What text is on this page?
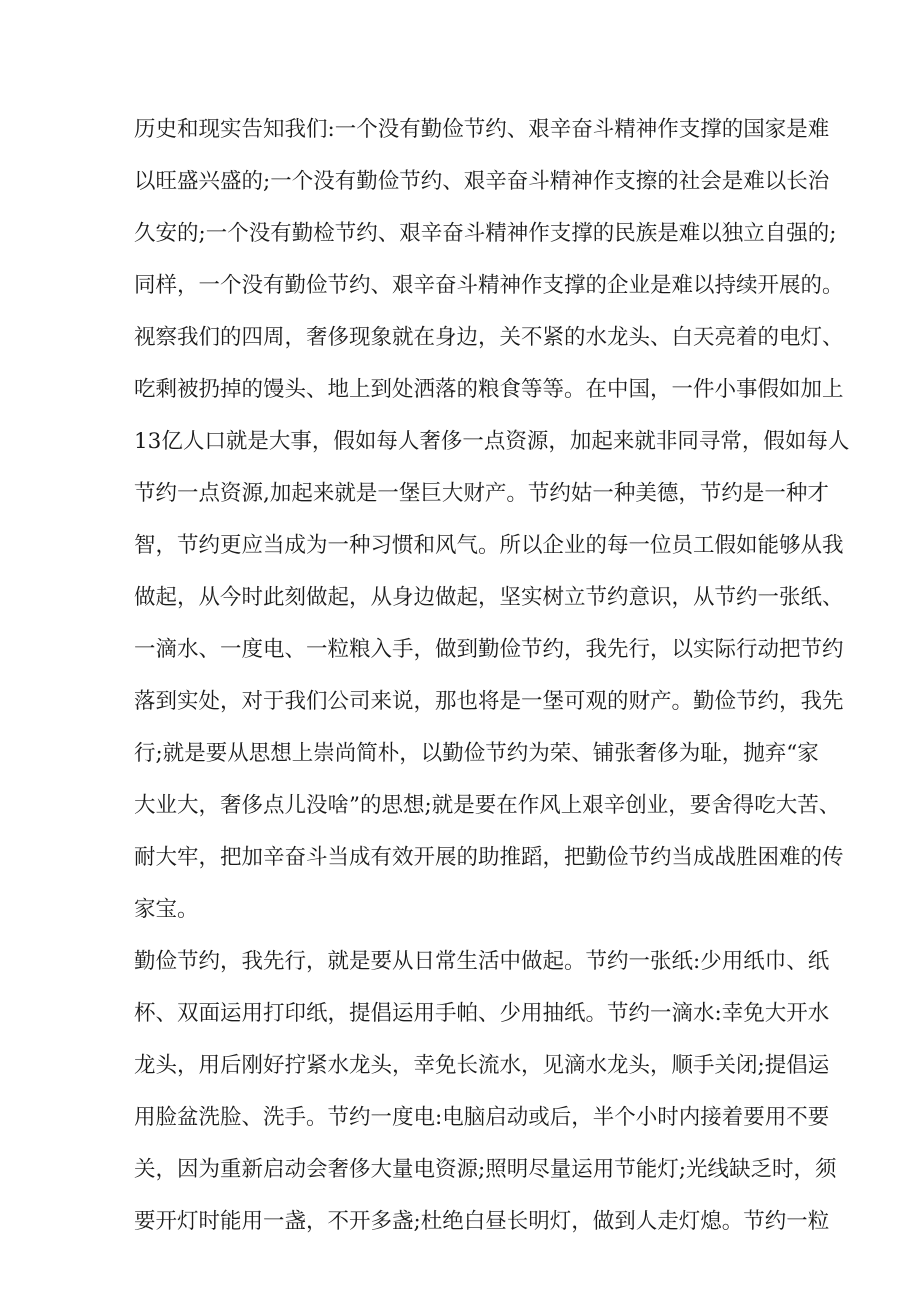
历史和现实告知我们:一个没有勤俭节约、艰辛奋斗精神作支撑的国家是难
以旺盛兴盛的;一个没有勤俭节约、艰辛奋斗精神作支擦的社会是难以长治
久安的;一个没有勤检节约、艰辛奋斗精神作支撑的民族是难以独立自强的;
同样，一个没有勤俭节约、艰辛奋斗精神作支撑的企业是难以持续开展的。
视察我们的四周，奢侈现象就在身边，关不紧的水龙头、白天亮着的电灯、
吃剩被扔掉的馒头、地上到处洒落的粮食等等。在中国，一件小事假如加上
13亿人口就是大事，假如每人奢侈一点资源，加起来就非同寻常，假如每人
节约一点资源,加起来就是一堡巨大财产。节约姑一种美德，节约是一种才
智，节约更应当成为一种习惯和风气。所以企业的每一位员工假如能够从我
做起，从今时此刻做起，从身边做起，坚实树立节约意识，从节约一张纸、
一滴水、一度电、一粒粮入手，做到勤俭节约，我先行，以实际行动把节约
落到实处，对于我们公司来说，那也将是一堡可观的财产。勤俭节约，我先
行;就是要从思想上崇尚简朴，以勤俭节约为荣、铺张奢侈为耻，抛弃“家
大业大，奢侈点儿没啥”的思想;就是要在作风上艰辛创业，要舍得吃大苦、
耐大牢，把加辛奋斗当成有效开展的助推蹈，把勤俭节约当成战胜困难的传
家宝。
勤俭节约，我先行，就是要从日常生活中做起。节约一张纸:少用纸巾、纸
杯、双面运用打印纸，提倡运用手帕、少用抽纸。节约一滴水:幸免大开水
龙头，用后刚好拧紧水龙头，幸免长流水，见滴水龙头，顺手关闭;提倡运
用脸盆洗脸、洗手。节约一度电:电脑启动或后，半个小时内接着要用不要
关，因为重新启动会奢侈大量电资源;照明尽量运用节能灯;光线缺乏时，须
要开灯时能用一盏，不开多盏;杜绝白昼长明灯，做到人走灯熄。节约一粒
